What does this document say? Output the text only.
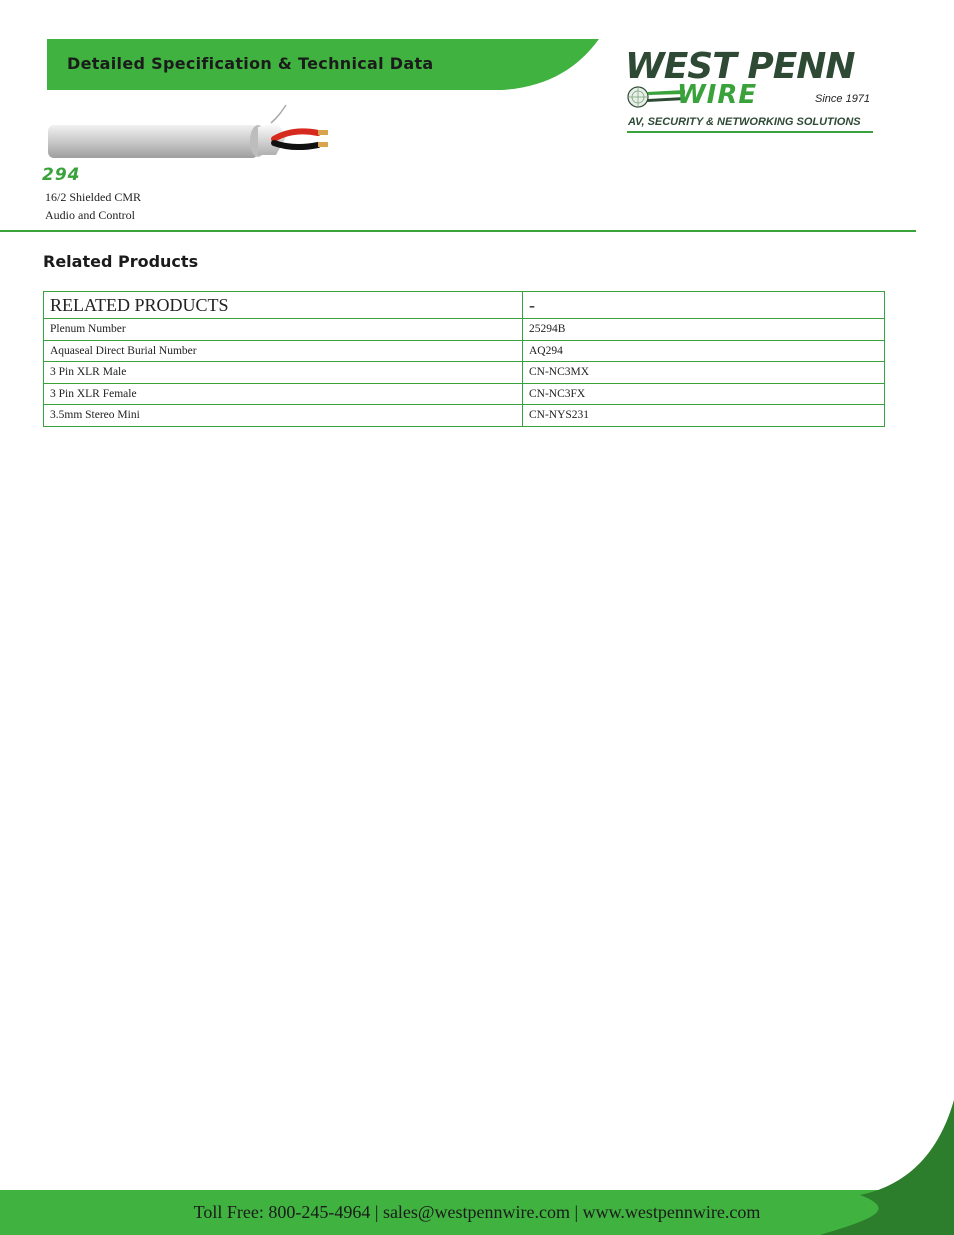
Detailed Specification & Technical Data	WEST PENN
WIRE	Since 1971
AV, SECURITY & NETWORKING SOLUTIONS
294
16/2 Shielded CMR
Audio and Control
Related Products
RELATED PRODUCTS	-
Plenum Number	25294B
Aquaseal Direct Burial Number	AQ294
3 Pin XLR Male	CN-NC3MX
3 Pin XLR Female	CN-NC3FX
3.5mm Stereo Mini	CN-NYS231
Toll Free: 800-245-4964 | sales@westpennwire.com | www.westpennwire.com
